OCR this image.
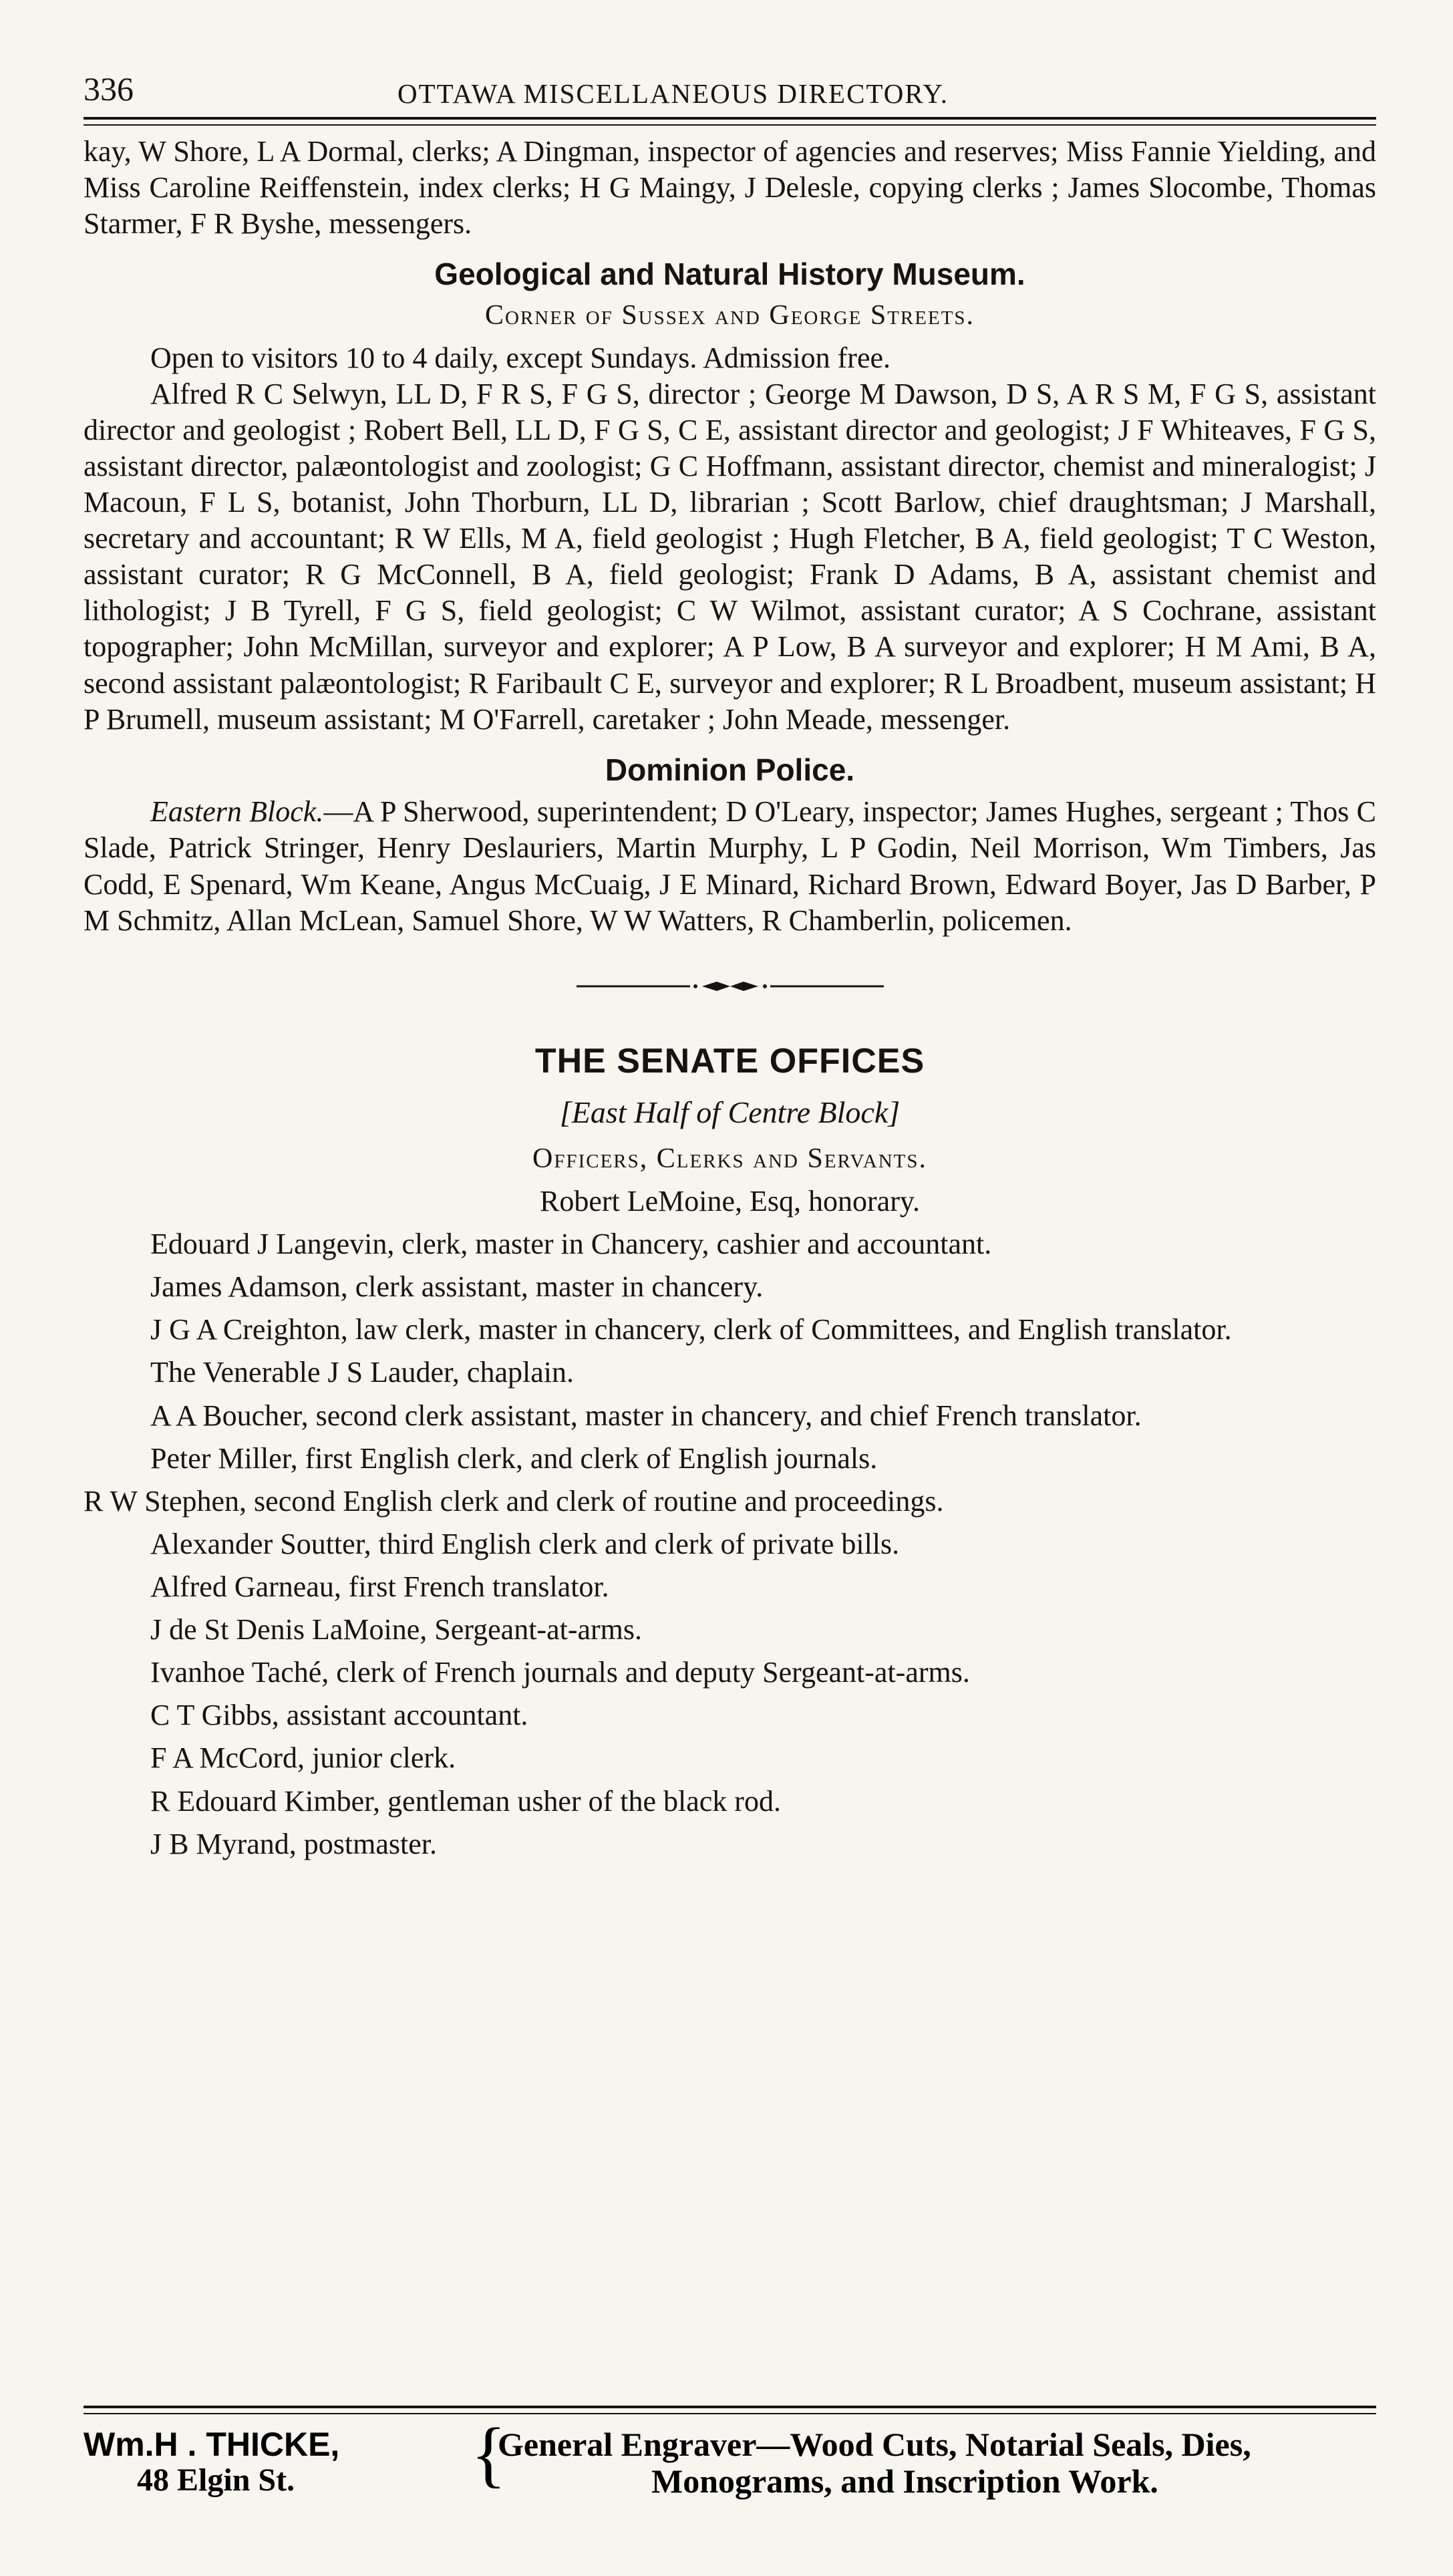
336	OTTAWA MISCELLANEOUS DIRECTORY.

kay, W Shore, L A Dormal, clerks; A Dingman, inspector of agencies and reserves; Miss Fannie Yielding, and Miss Caroline Reiffenstein, index clerks; H G Maingy, J Delesle, copying clerks ; James Slocombe, Thomas Starmer, F R Byshe, messengers.

Geological and Natural History Museum.
Corner of Sussex and George Streets.

Open to visitors 10 to 4 daily, except Sundays. Admission free.

Alfred R C Selwyn, LL D, F R S, F G S, director ; George M Dawson, D S, A R S M, F G S, assistant director and geologist ; Robert Bell, LL D, F G S, C E, assistant director and geologist; J F Whiteaves, F G S, assistant director, palæontologist and zoologist; G C Hoffmann, assistant director, chemist and mineralogist; J Macoun, F L S, botanist, John Thorburn, LL D, librarian ; Scott Barlow, chief draughtsman; J Marshall, secretary and accountant; R W Ells, M A, field geologist ; Hugh Fletcher, B A, field geologist; T C Weston, assistant curator; R G McConnell, B A, field geologist; Frank D Adams, B A, assistant chemist and lithologist; J B Tyrell, F G S, field geologist; C W Wilmot, assistant curator; A S Cochrane, assistant topographer; John McMillan, surveyor and explorer; A P Low, B A surveyor and explorer; H M Ami, B A, second assistant palæontologist; R Faribault C E, surveyor and explorer; R L Broadbent, museum assistant; H P Brumell, museum assistant; M O'Farrell, caretaker ; John Meade, messenger.

Dominion Police.

Eastern Block.—A P Sherwood, superintendent; D O'Leary, inspector; James Hughes, sergeant ; Thos C Slade, Patrick Stringer, Henry Deslauriers, Martin Murphy, L P Godin, Neil Morrison, Wm Timbers, Jas Codd, E Spenard, Wm Keane, Angus McCuaig, J E Minard, Richard Brown, Edward Boyer, Jas D Barber, P M Schmitz, Allan McLean, Samuel Shore, W W Watters, R Chamberlin, policemen.

THE SENATE OFFICES
[East Half of Centre Block]
Officers, Clerks and Servants.
Robert LeMoine, Esq, honorary.

Edouard J Langevin, clerk, master in Chancery, cashier and accountant.

James Adamson, clerk assistant, master in chancery.

J G A Creighton, law clerk, master in chancery, clerk of Committees, and English translator.

The Venerable J S Lauder, chaplain.

A A Boucher, second clerk assistant, master in chancery, and chief French translator.

Peter Miller, first English clerk, and clerk of English journals.

R W Stephen, second English clerk and clerk of routine and proceedings.

Alexander Soutter, third English clerk and clerk of private bills.

Alfred Garneau, first French translator.

J de St Denis LaMoine, Sergeant-at-arms.

Ivanhoe Taché, clerk of French journals and deputy Sergeant-at-arms.

C T Gibbs, assistant accountant.

F A McCord, junior clerk.

R Edouard Kimber, gentleman usher of the black rod.

J B Myrand, postmaster.

Wm.H . THICKE,
48 Elgin St.	{
General Engraver—Wood Cuts, Notarial Seals, Dies,
Monograms, and Inscription Work.
